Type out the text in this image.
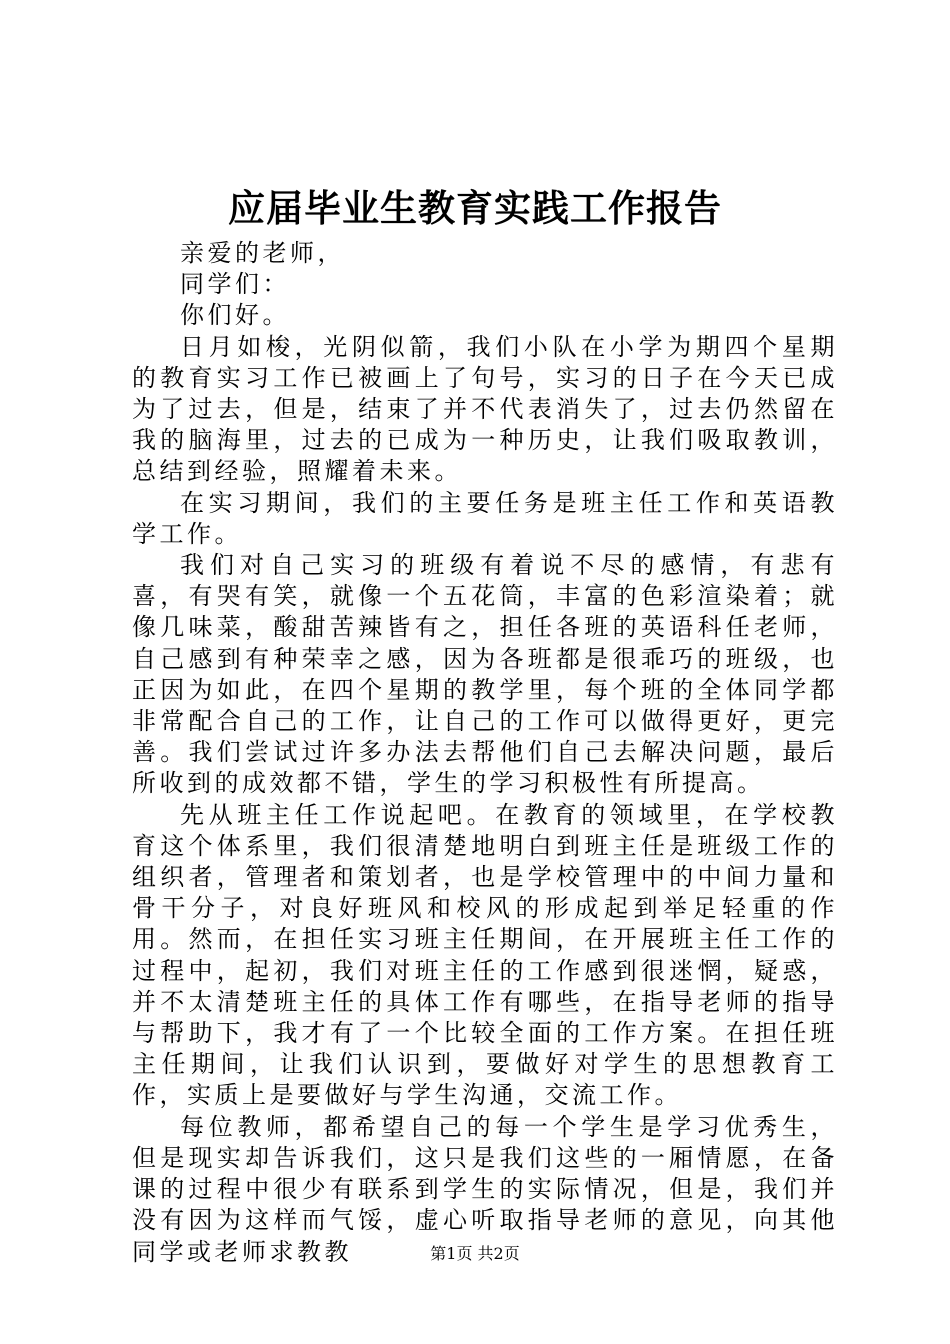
应届毕业生教育实践工作报告

亲爱的老师，

同学们：

你们好。

日月如梭，光阴似箭，我们小队在小学为期四个星期的教育实习工作已被画上了句号，实习的日子在今天已成为了过去，但是，结束了并不代表消失了，过去仍然留在我的脑海里，过去的已成为一种历史，让我们吸取教训，总结到经验，照耀着未来。

在实习期间，我们的主要任务是班主任工作和英语教学工作。

我们对自己实习的班级有着说不尽的感情，有悲有喜，有哭有笑，就像一个五花筒，丰富的色彩渲染着；就像几味菜，酸甜苦辣皆有之，担任各班的英语科任老师，自己感到有种荣幸之感，因为各班都是很乖巧的班级，也正因为如此，在四个星期的教学里，每个班的全体同学都非常配合自己的工作，让自己的工作可以做得更好，更完善。我们尝试过许多办法去帮他们自己去解决问题，最后所收到的成效都不错，学生的学习积极性有所提高。

先从班主任工作说起吧。在教育的领域里，在学校教育这个体系里，我们很清楚地明白到班主任是班级工作的组织者，管理者和策划者，也是学校管理中的中间力量和骨干分子，对良好班风和校风的形成起到举足轻重的作用。然而，在担任实习班主任期间，在开展班主任工作的过程中，起初，我们对班主任的工作感到很迷惘，疑惑，并不太清楚班主任的具体工作有哪些，在指导老师的指导与帮助下，我才有了一个比较全面的工作方案。在担任班主任期间，让我们认识到，要做好对学生的思想教育工作，实质上是要做好与学生沟通，交流工作。

每位教师，都希望自己的每一个学生是学习优秀生，但是现实却告诉我们，这只是我们这些的一厢情愿，在备课的过程中很少有联系到学生的实际情况，但是，我们并没有因为这样而气馁，虚心听取指导老师的意见，向其他同学或老师求教教	第1页 共2页
